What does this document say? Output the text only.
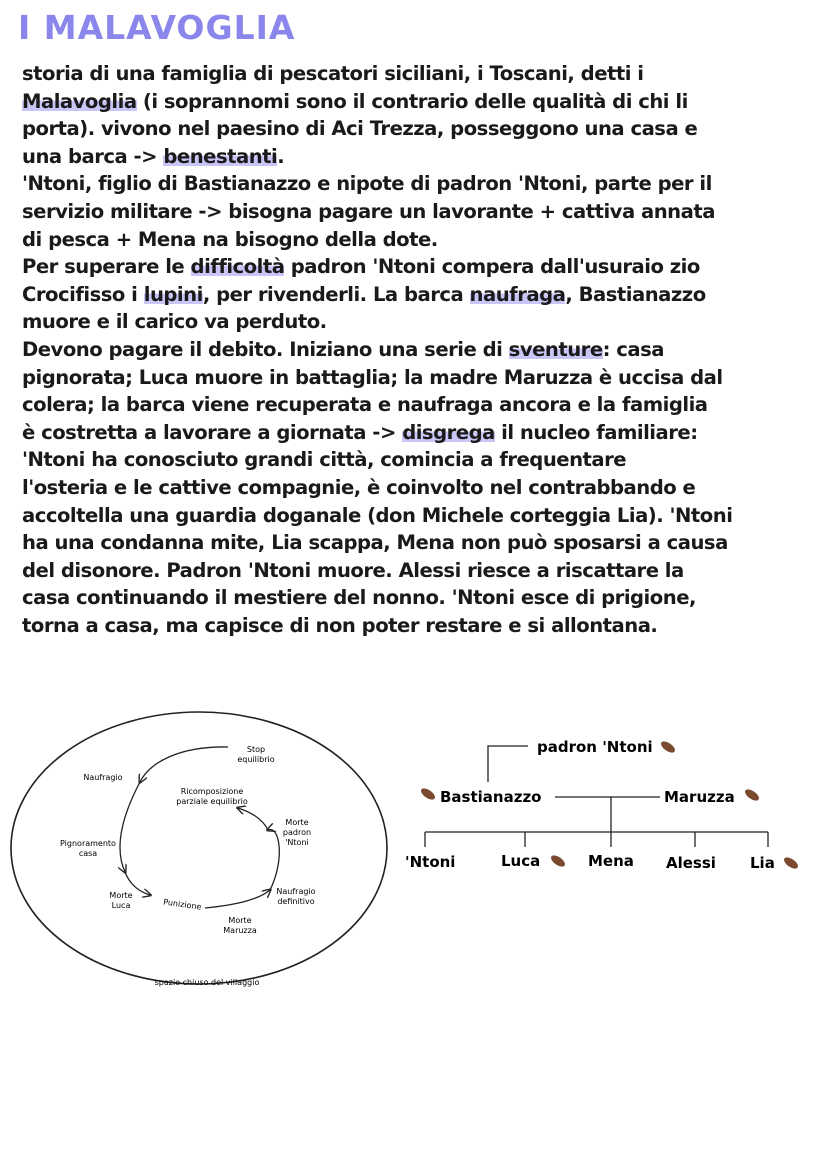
I MALAVOGLIA
storia di una famiglia di pescatori siciliani, i Toscani, detti i
Malavoglia (i soprannomi sono il contrario delle qualità di chi li
porta). vivono nel paesino di Aci Trezza, posseggono una casa e
una barca -> benestanti.
'Ntoni, figlio di Bastianazzo e nipote di padron 'Ntoni, parte per il
servizio militare -> bisogna pagare un lavorante + cattiva annata
di pesca + Mena na bisogno della dote.
Per superare le difficoltà padron 'Ntoni compera dall'usuraio zio
Crocifisso i lupini, per rivenderli. La barca naufraga, Bastianazzo
muore e il carico va perduto.
Devono pagare il debito. Iniziano una serie di sventure: casa
pignorata; Luca muore in battaglia; la madre Maruzza è uccisa dal
colera; la barca viene recuperata e naufraga ancora e la famiglia
è costretta a lavorare a giornata -> disgrega il nucleo familiare:
'Ntoni ha conosciuto grandi città, comincia a frequentare
l'osteria e le cattive compagnie, è coinvolto nel contrabbando e
accoltella una guardia doganale (don Michele corteggia Lia). 'Ntoni
ha una condanna mite, Lia scappa, Mena non può sposarsi a causa
del disonore. Padron 'Ntoni muore. Alessi riesce a riscattare la
casa continuando il mestiere del nonno. 'Ntoni esce di prigione,
torna a casa, ma capisce di non poter restare e si allontana.
Stop
equilibrio
Naufragio
Ricomposizione
parziale equilibrio
Morte
padron
'Ntoni
Pignoramento
casa
Morte
Luca	Punizione
Naufragio
definitivo
Morte
Maruzza
spazio chiuso del villaggio
padron 'Ntoni
Bastianazzo	Maruzza
'Ntoni	Luca	Mena Alessi Lia
